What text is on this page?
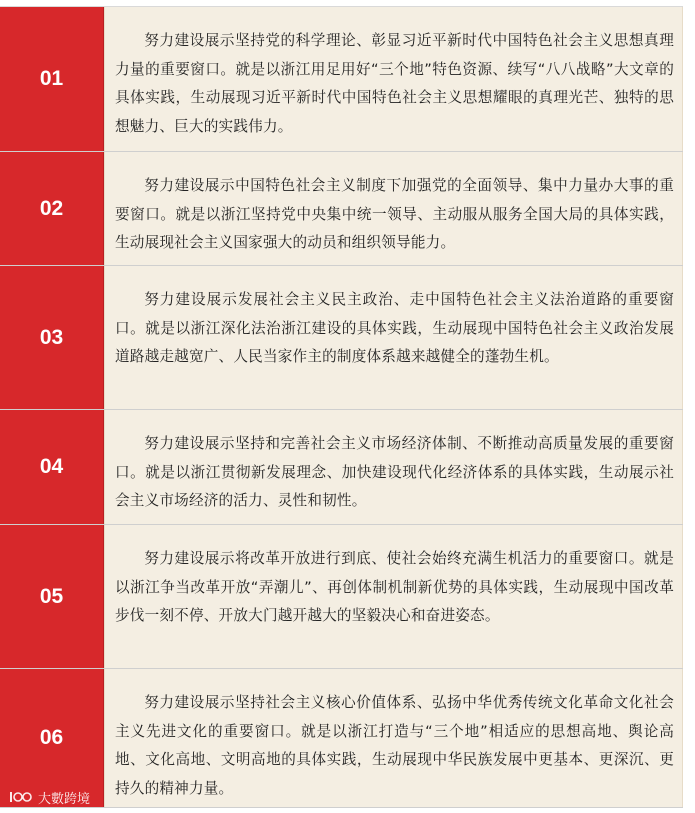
01

努力建设展示坚持党的科学理论、彰显习近平新时代中国特色社会主义思想真理力量的重要窗口。就是以浙江用足用好“三个地”特色资源、续写“八八战略”大文章的具体实践，生动展现习近平新时代中国特色社会主义思想耀眼的真理光芒、独特的思想魅力、巨大的实践伟力。

02

努力建设展示中国特色社会主义制度下加强党的全面领导、集中力量办大事的重要窗口。就是以浙江坚持党中央集中统一领导、主动服从服务全国大局的具体实践，生动展现社会主义国家强大的动员和组织领导能力。

03

努力建设展示发展社会主义民主政治、走中国特色社会主义法治道路的重要窗口。就是以浙江深化法治浙江建设的具体实践，生动展现中国特色社会主义政治发展道路越走越宽广、人民当家作主的制度体系越来越健全的蓬勃生机。

04

努力建设展示坚持和完善社会主义市场经济体制、不断推动高质量发展的重要窗口。就是以浙江贯彻新发展理念、加快建设现代化经济体系的具体实践，生动展示社会主义市场经济的活力、灵性和韧性。

05

努力建设展示将改革开放进行到底、使社会始终充满生机活力的重要窗口。就是以浙江争当改革开放“弄潮儿”、再创体制机制新优势的具体实践，生动展现中国改革步伐一刻不停、开放大门越开越大的坚毅决心和奋进姿态。

06

努力建设展示坚持社会主义核心价值体系、弘扬中华优秀传统文化革命文化社会主义先进文化的重要窗口。就是以浙江打造与“三个地”相适应的思想高地、舆论高地、文化高地、文明高地的具体实践，生动展现中华民族发展中更基本、更深沉、更持久的精神力量。

大數跨境
